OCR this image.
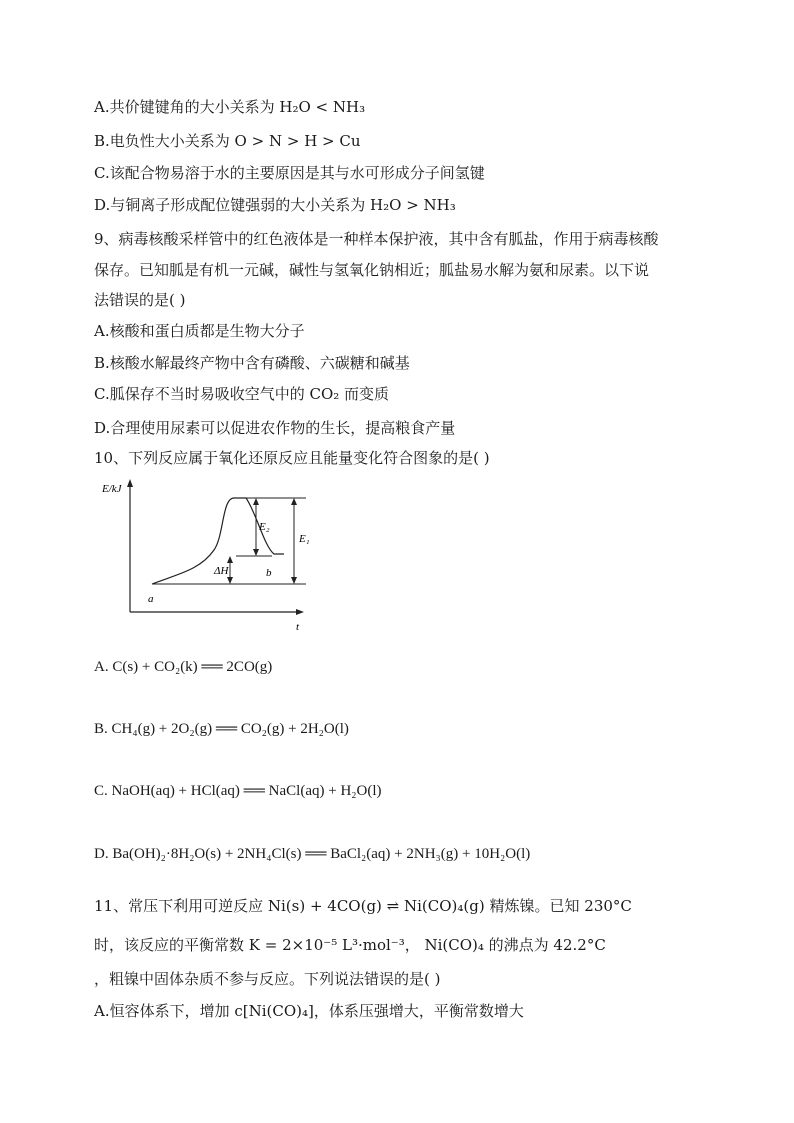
A.共价键键角的大小关系为 H₂O < NH₃
B.电负性大小关系为 O > N > H > Cu
C.该配合物易溶于水的主要原因是其与水可形成分子间氢键
D.与铜离子形成配位键强弱的大小关系为 H₂O > NH₃
9、病毒核酸采样管中的红色液体是一种样本保护液，其中含有胍盐，作用于病毒核酸
保存。已知胍是有机一元碱，碱性与氢氧化钠相近；胍盐易水解为氨和尿素。以下说
法错误的是( )
A.核酸和蛋白质都是生物大分子
B.核酸水解最终产物中含有磷酸、六碳糖和碱基
C.胍保存不当时易吸收空气中的 CO₂ 而变质
D.合理使用尿素可以促进农作物的生长，提高粮食产量
10、下列反应属于氧化还原反应且能量变化符合图象的是( )
E/kJ
t
a
b
E₂
E₁
ΔH
A. C(s) + CO₂(k) ══ 2CO(g)
B. CH₄(g) + 2O₂(g) ══ CO₂(g) + 2H₂O(l)
C. NaOH(aq) + HCl(aq) ══ NaCl(aq) + H₂O(l)
D. Ba(OH)₂·8H₂O(s) + 2NH₄Cl(s) ══ BaCl₂(aq) + 2NH₃(g) + 10H₂O(l)
11、常压下利用可逆反应 Ni(s) + 4CO(g) ⇌ Ni(CO)₄(g) 精炼镍。已知 230°C
时，该反应的平衡常数 K = 2×10⁻⁵ L³·mol⁻³， Ni(CO)₄ 的沸点为 42.2°C
，粗镍中固体杂质不参与反应。下列说法错误的是( )
A.恒容体系下，增加 c[Ni(CO)₄]，体系压强增大，平衡常数增大
